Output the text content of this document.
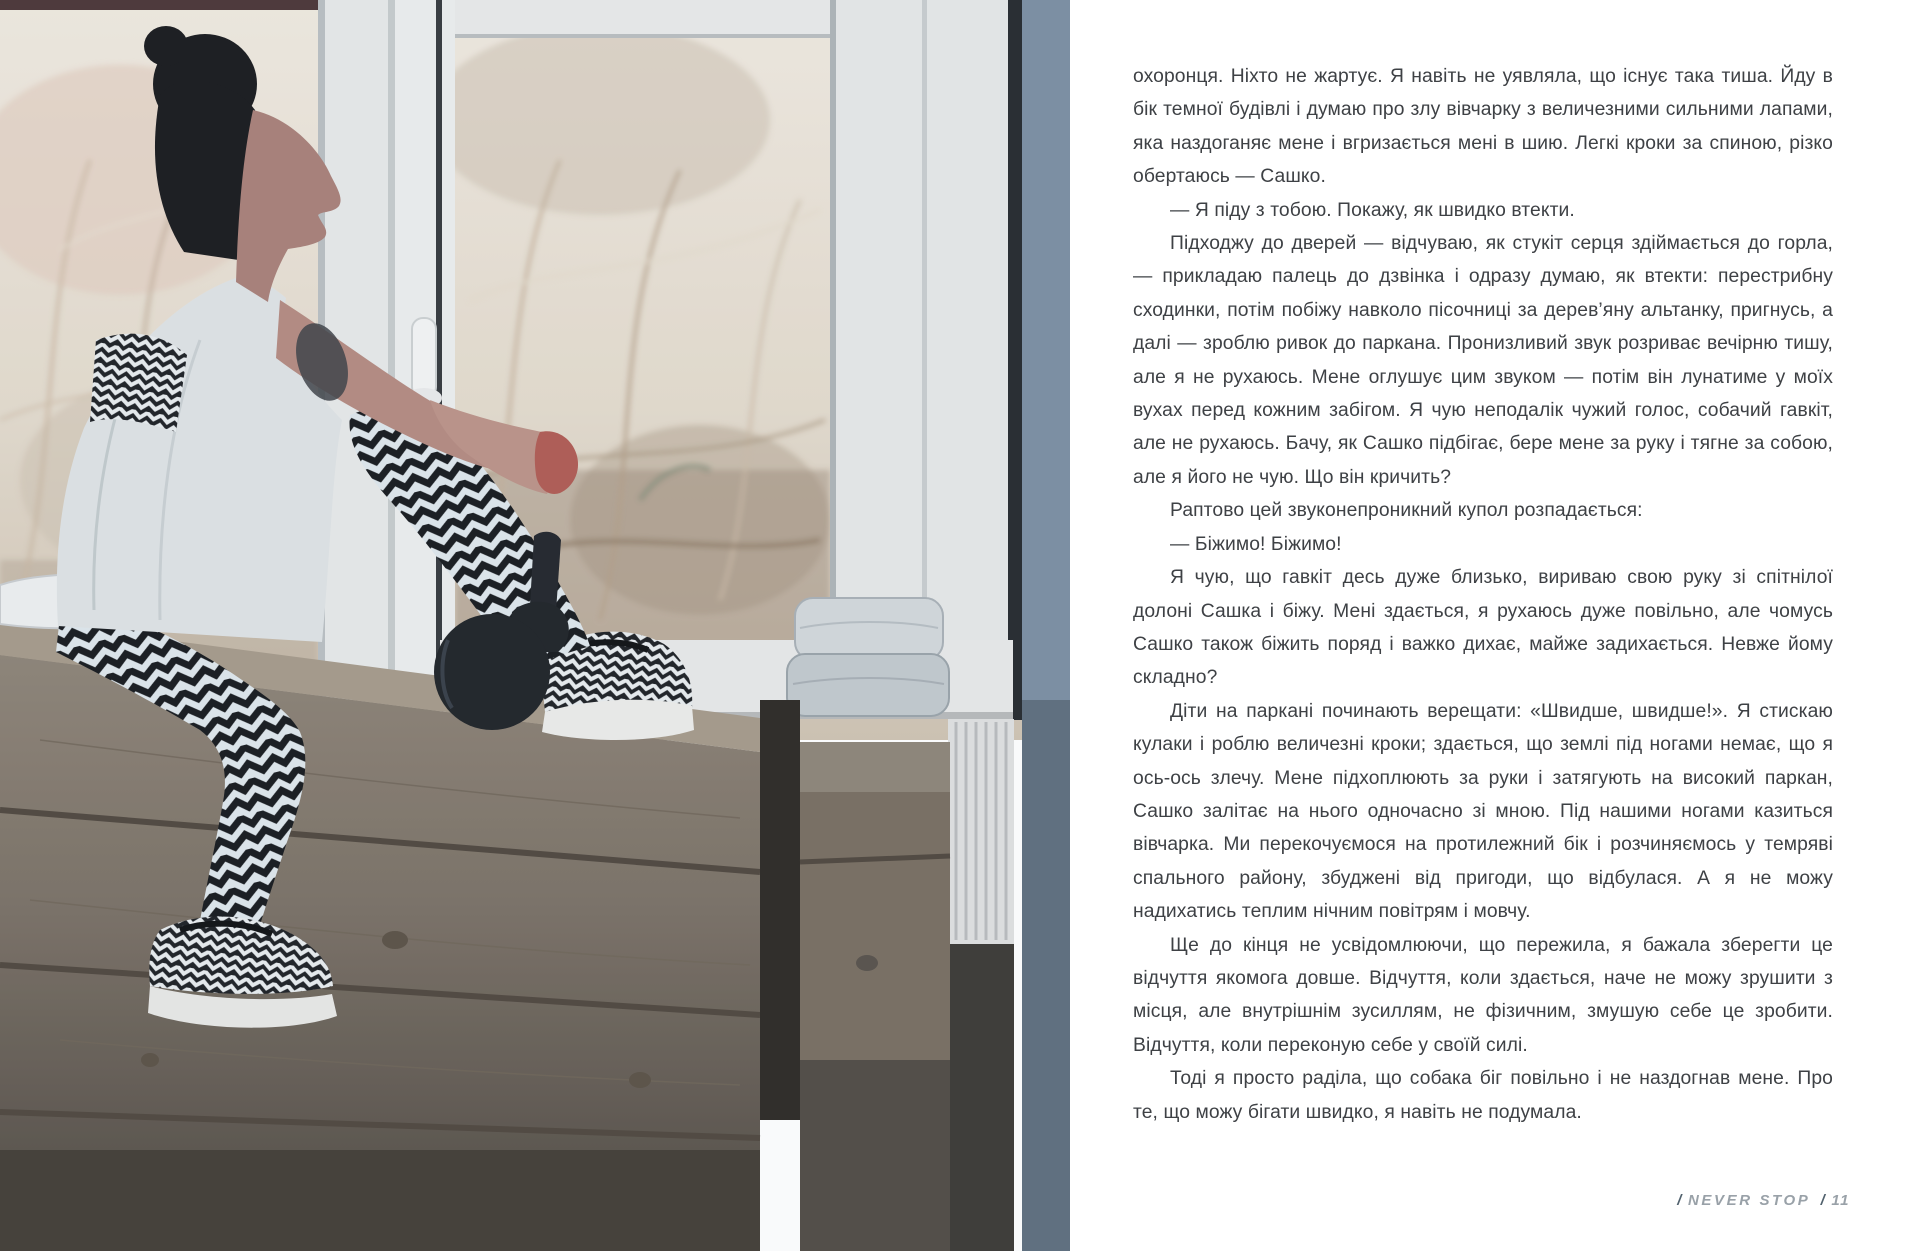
охоронця. Ніхто не жартує. Я навіть не уявляла, що існує така тиша. Йду в бік темної будівлі і думаю про злу вівчарку з величезними сильними лапами, яка наздоганяє мене і вгризається мені в шию. Легкі кроки за спиною, різко обертаюсь — Сашко.

— Я піду з тобою. Покажу, як швидко втекти.

Підходжу до дверей — відчуваю, як стукіт серця здіймається до горла, — прикладаю палець до дзвінка і одразу думаю, як втекти: перестрибну сходинки, потім побіжу навколо пісочниці за дерев’яну альтанку, пригнусь, а далі — зроблю ривок до паркана. Пронизливий звук розриває вечірню тишу, але я не рухаюсь. Мене оглушує цим звуком — потім він лунатиме у моїх вухах перед кожним забігом. Я чую неподалік чужий голос, собачий гавкіт, але не рухаюсь. Бачу, як Сашко підбігає, бере мене за руку і тягне за собою, але я його не чую. Що він кричить?

Раптово цей звуконепроникний купол розпадається:

— Біжимо! Біжимо!

Я чую, що гавкіт десь дуже близько, вириваю свою руку зі спітнілої долоні Сашка і біжу. Мені здається, я рухаюсь дуже повільно, але чомусь Сашко також біжить поряд і важко дихає, майже задихається. Невже йому складно?

Діти на паркані починають верещати: «Швидше, швидше!». Я стискаю кулаки і роблю величезні кроки; здається, що землі під ногами немає, що я ось-ось злечу. Мене підхоплюють за руки і затягують на високий паркан, Сашко залітає на нього одночасно зі мною. Під нашими ногами казиться вівчарка. Ми перекочуємося на протилежний бік і розчиняємось у темряві спального району, збуджені від пригоди, що відбулася. А я не можу надихатись теплим нічним повітрям і мовчу.

Ще до кінця не усвідомлюючи, що пережила, я бажала зберегти це відчуття якомога довше. Відчуття, коли здається, наче не можу зрушити з місця, але внутрішнім зусиллям, не фізичним, змушую себе це зробити. Відчуття, коли переконую себе у своїй силі.

Тоді я просто раділа, що собака біг повільно і не наздогнав мене. Про те, що можу бігати швидко, я навіть не подумала.

/ NEVER STOP / 11
